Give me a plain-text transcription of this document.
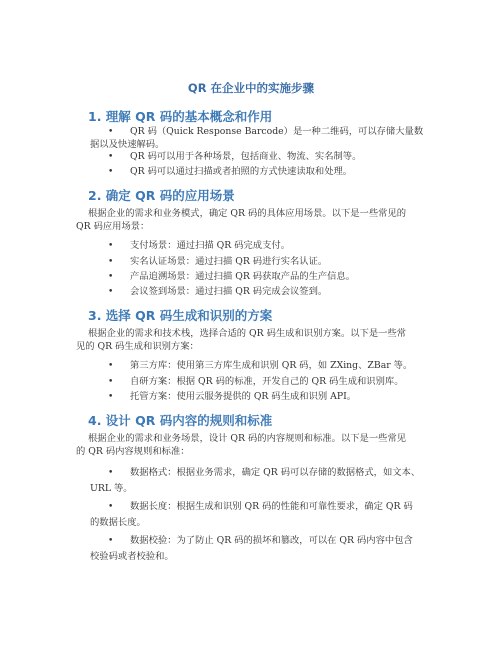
QR 在企业中的实施步骤
1. 理解 QR 码的基本概念和作用
•	QR 码（Quick Response Barcode）是一种二维码，可以存储大量数
据以及快速解码。
•	QR 码可以用于各种场景，包括商业、物流、实名制等。
•	QR 码可以通过扫描或者拍照的方式快速读取和处理。
2. 确定 QR 码的应用场景
根据企业的需求和业务模式，确定 QR 码的具体应用场景。以下是一些常见的
QR 码应用场景：
•	支付场景：通过扫描 QR 码完成支付。
•	实名认证场景：通过扫描 QR 码进行实名认证。
•	产品追溯场景：通过扫描 QR 码获取产品的生产信息。
•	会议签到场景：通过扫描 QR 码完成会议签到。
3. 选择 QR 码生成和识别的方案
根据企业的需求和技术栈，选择合适的 QR 码生成和识别方案。以下是一些常
见的 QR 码生成和识别方案：
•	第三方库：使用第三方库生成和识别 QR 码，如 ZXing、ZBar 等。
•	自研方案：根据 QR 码的标准，开发自己的 QR 码生成和识别库。
•	托管方案：使用云服务提供的 QR 码生成和识别 API。
4. 设计 QR 码内容的规则和标准
根据企业的需求和业务场景，设计 QR 码的内容规则和标准。以下是一些常见
的 QR 码内容规则和标准：
•	数据格式：根据业务需求，确定 QR 码可以存储的数据格式，如文本、
URL 等。
•	数据长度：根据生成和识别 QR 码的性能和可靠性要求，确定 QR 码
的数据长度。
•	数据校验：为了防止 QR 码的损坏和篡改，可以在 QR 码内容中包含
校验码或者校验和。
